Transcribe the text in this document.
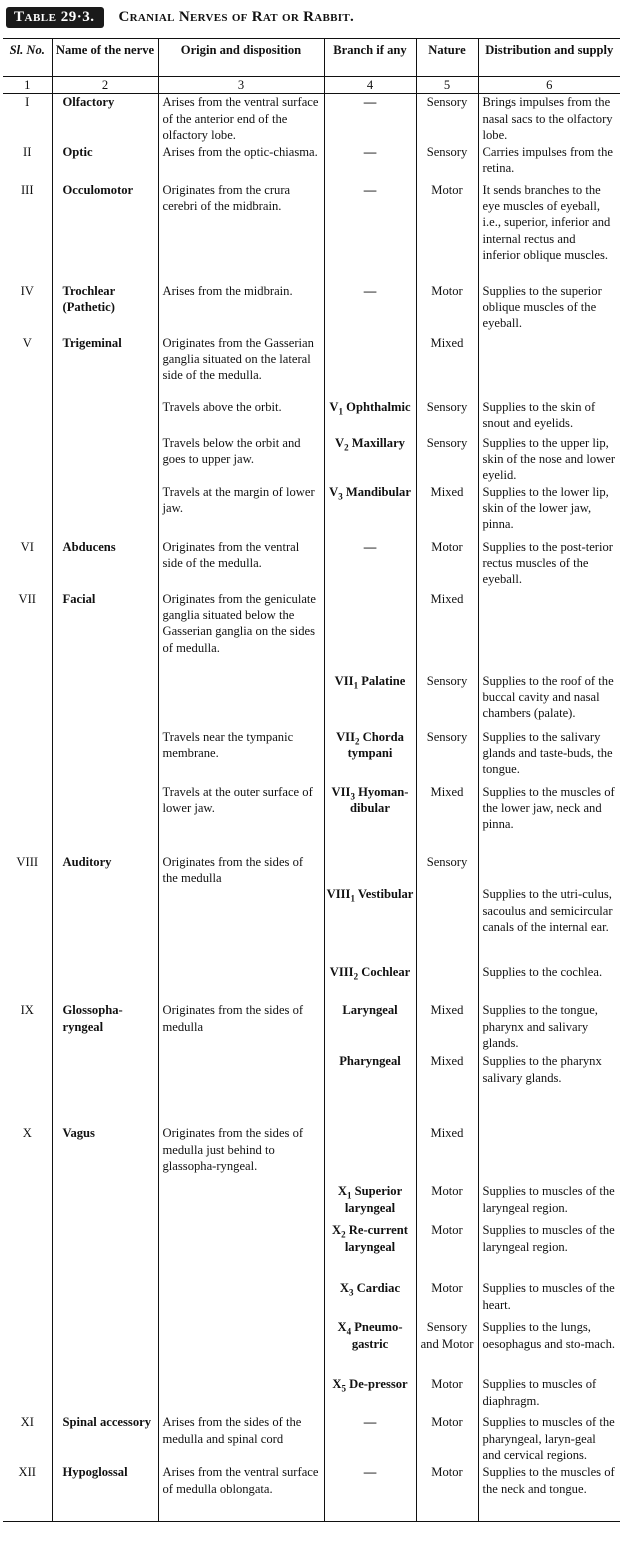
Table 29·3.	Cranial Nerves of Rat or Rabbit.
Sl. No.	Name of the nerve	Origin and disposition	Branch if any	Nature	Distribution and supply
1	2	3	4	5	6
I	Olfactory	Arises from the ventral surface of the anterior end of the olfactory lobe.	—	Sensory	Brings impulses from the nasal sacs to the olfactory lobe.
II	Optic	Arises from the optic-chiasma.	—	Sensory	Carries impulses from the retina.
III	Occulomotor	Originates from the crura cerebri of the midbrain.	—	Motor	It sends branches to the eye muscles of eyeball, i.e., superior, inferior and internal rectus and inferior oblique muscles.
IV	Trochlear (Pathetic)	Arises from the midbrain.	—	Motor	Supplies to the superior oblique muscles of the eyeball.
V	Trigeminal	Originates from the Gasserian ganglia situated on the lateral side of the medulla.		Mixed	
		Travels above the orbit.	$V_1$ Ophthalmic	Sensory	Supplies to the skin of snout and eyelids.
		Travels below the orbit and goes to upper jaw.	$V_2$ Maxillary	Sensory	Supplies to the upper lip, skin of the nose and lower eyelid.
		Travels at the margin of lower jaw.	$V_3$ Mandibular	Mixed	Supplies to the lower lip, skin of the lower jaw, pinna.
VI	Abducens	Originates from the ventral side of the medulla.	—	Motor	Supplies to the post-terior rectus muscles of the eyeball.
VII	Facial	Originates from the geniculate ganglia situated below the Gasserian ganglia on the sides of medulla.		Mixed	
			$VII_1$ Palatine	Sensory	Supplies to the roof of the buccal cavity and nasal chambers (palate).
		Travels near the tympanic membrane.	$VII_2$ Chorda tympani	Sensory	Supplies to the salivary glands and taste-buds, the tongue.
		Travels at the outer surface of lower jaw.	$VII_3$ Hyoman-dibular	Mixed	Supplies to the muscles of the lower jaw, neck and pinna.
VIII	Auditory	Originates from the sides of the medulla		Sensory	
			$VIII_1$ Vestibular		Supplies to the utri-culus, sacoulus and semicircular canals of the internal ear.
			$VIII_2$ Cochlear		Supplies to the cochlea.
IX	Glossopha-ryngeal	Originates from the sides of medulla	Laryngeal	Mixed	Supplies to the tongue, pharynx and salivary glands.
			Pharyngeal	Mixed	Supplies to the pharynx salivary glands.
X	Vagus	Originates from the sides of medulla just behind to glassopha-ryngeal.		Mixed	
			$X_1$ Superior laryngeal	Motor	Supplies to muscles of the laryngeal region.
			$X_2$ Re-current laryngeal	Motor	Supplies to muscles of the laryngeal region.
			$X_3$ Cardiac	Motor	Supplies to muscles of the heart.
			$X_4$ Pneumo-gastric	Sensory and Motor	Supplies to the lungs, oesophagus and sto-mach.
			$X_5$ De-pressor	Motor	Supplies to muscles of diaphragm.
XI	Spinal accessory	Arises from the sides of the medulla and spinal cord	—	Motor	Supplies to muscles of the pharyngeal, laryn-geal and cervical regions.
XII	Hypoglossal	Arises from the ventral surface of medulla oblongata.	—	Motor	Supplies to the muscles of the neck and tongue.
